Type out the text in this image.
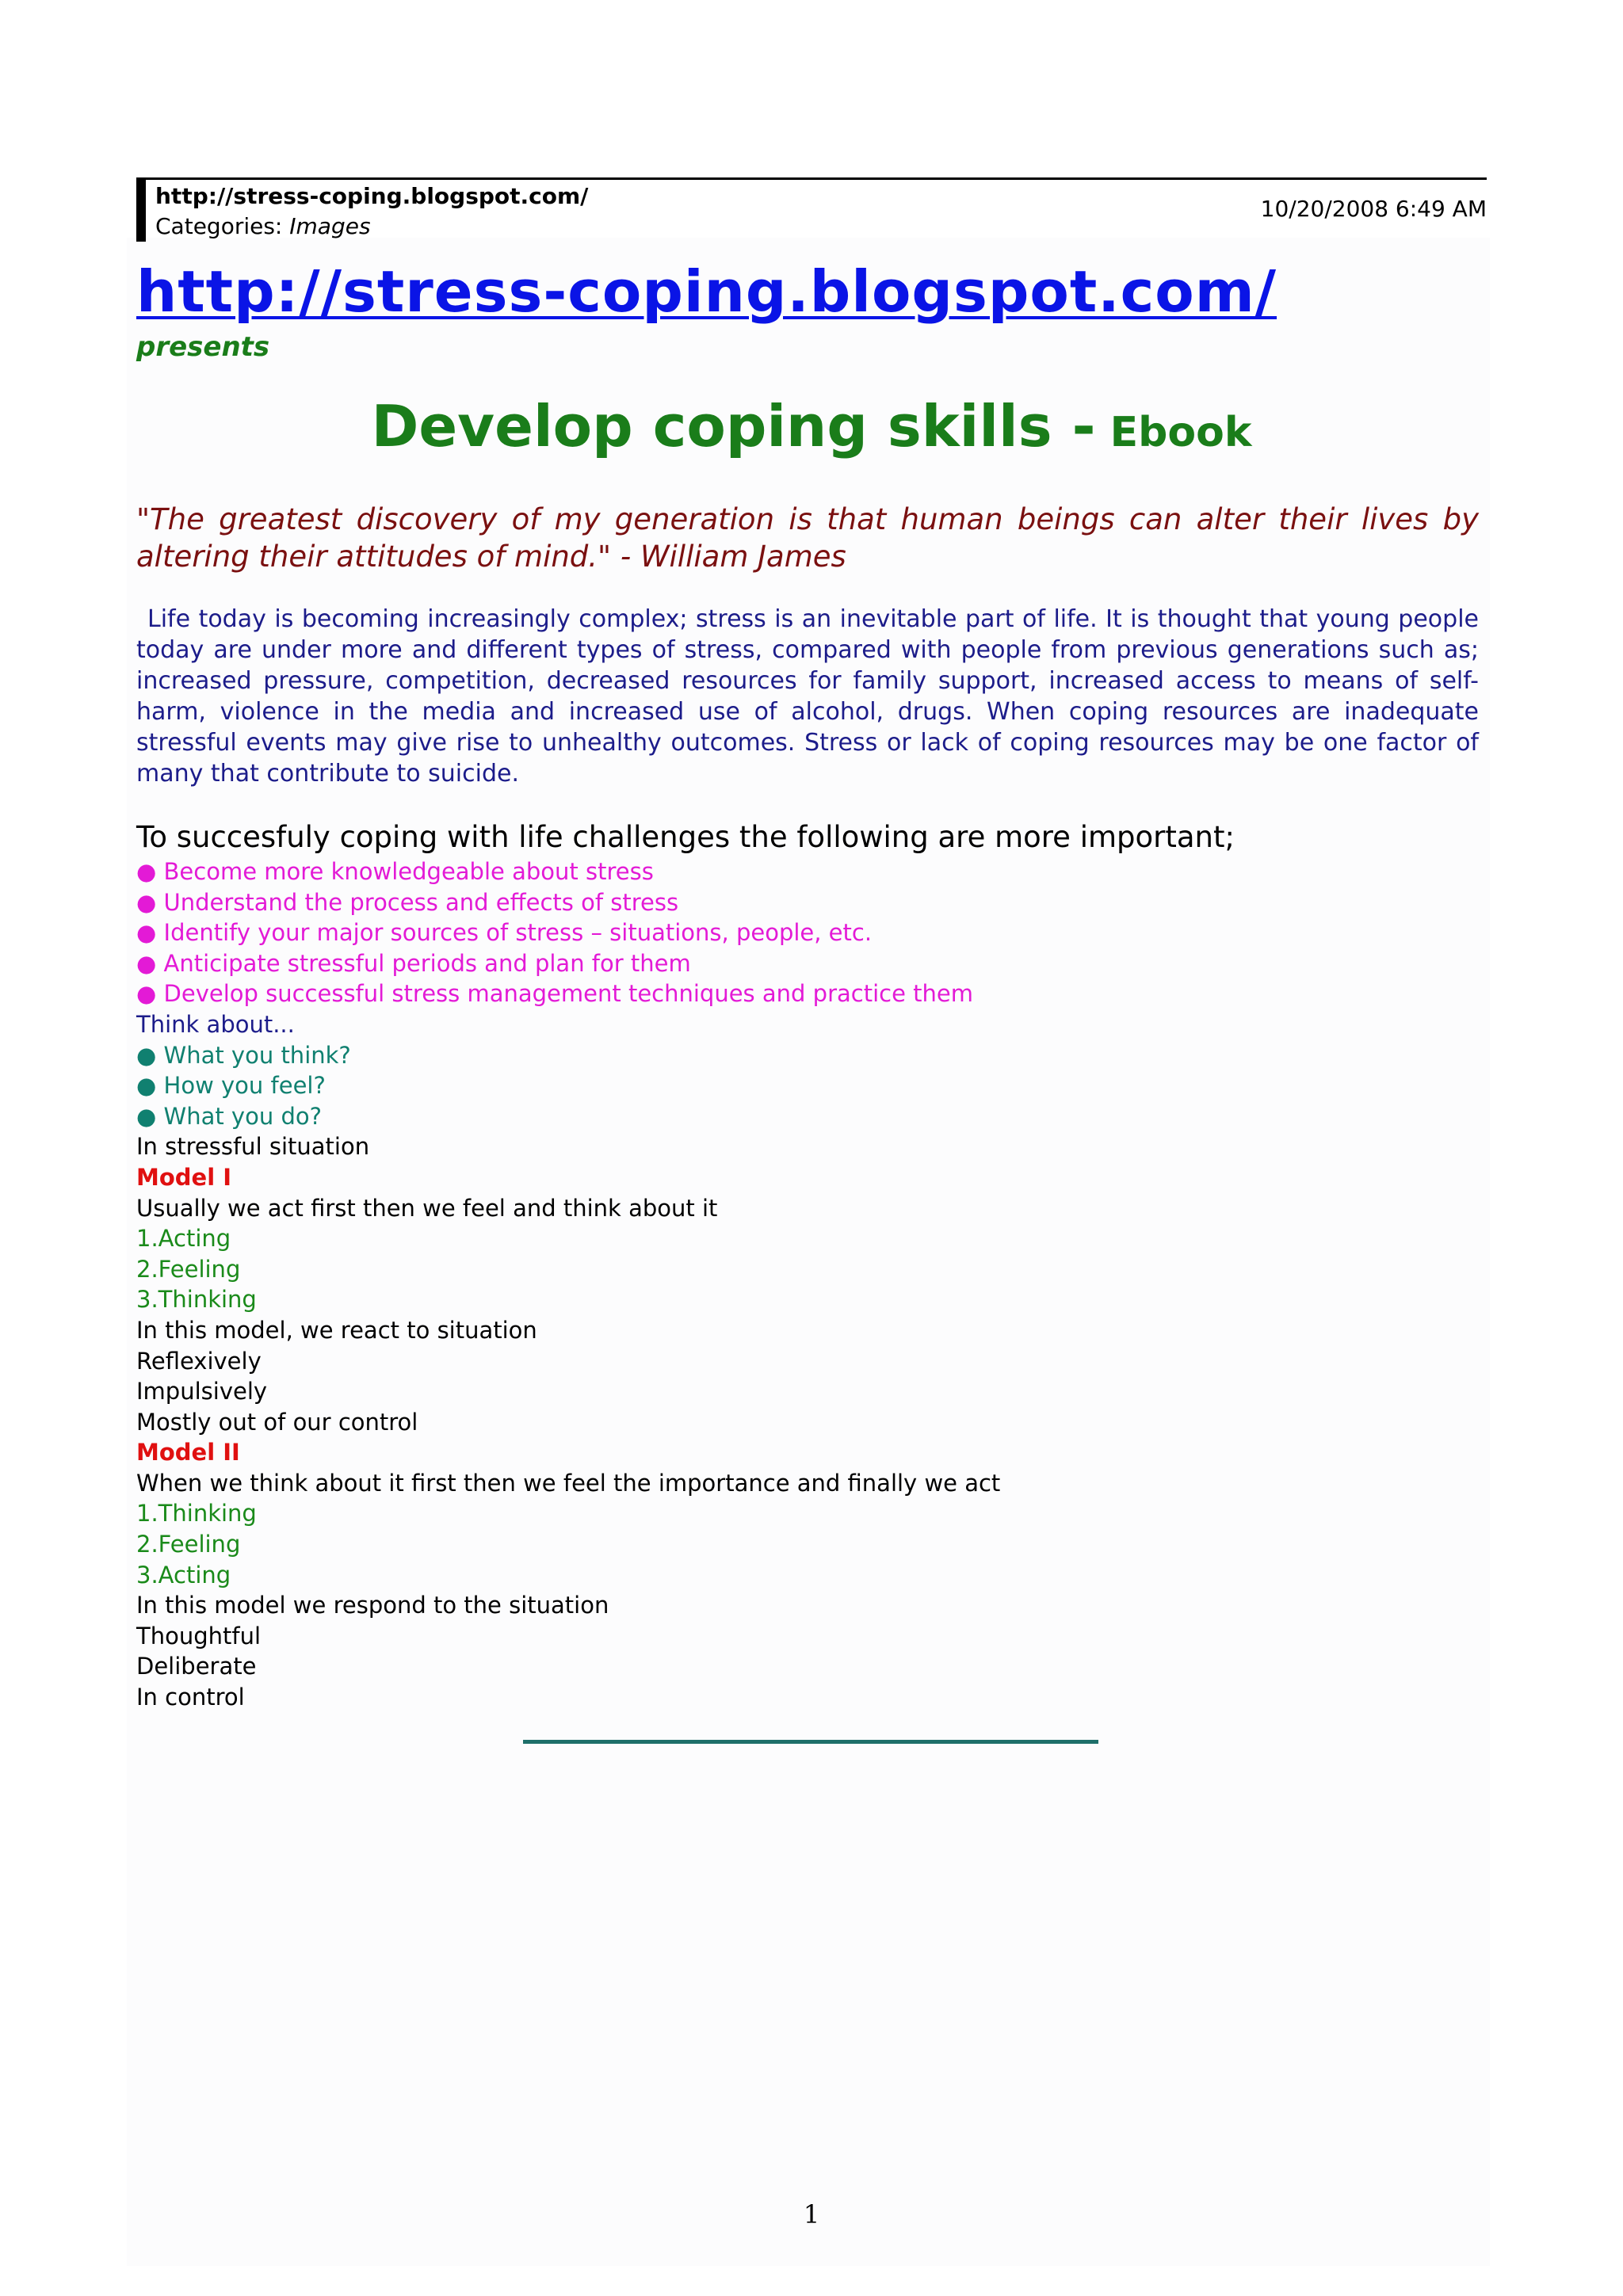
http://stress-coping.blogspot.com/
Categories: Images
10/20/2008 6:49 AM
http://stress-coping.blogspot.com/
presents
Develop coping skills - Ebook
"The greatest discovery of my generation is that human beings can alter their lives by altering their attitudes of mind." - William James
Life today is becoming increasingly complex; stress is an inevitable part of life. It is thought that young people today are under more and different types of stress, compared with people from previous generations such as; increased pressure, competition, decreased resources for family support, increased access to means of self-harm, violence in the media and increased use of alcohol, drugs. When coping resources are inadequate stressful events may give rise to unhealthy outcomes. Stress or lack of coping resources may be one factor of many that contribute to suicide.
To succesfuly coping with life challenges the following are more important;
● Become more knowledgeable about stress
● Understand the process and effects of stress
● Identify your major sources of stress – situations, people, etc.
● Anticipate stressful periods and plan for them
● Develop successful stress management techniques and practice them
Think about...
● What you think?
● How you feel?
● What you do?
In stressful situation
Model I
Usually we act first then we feel and think about it
1.Acting
2.Feeling
3.Thinking
In this model, we react to situation
Reflexively
Impulsively
Mostly out of our control
Model II
When we think about it first then we feel the importance and finally we act
1.Thinking
2.Feeling
3.Acting
In this model we respond to the situation
Thoughtful
Deliberate
In control
1
